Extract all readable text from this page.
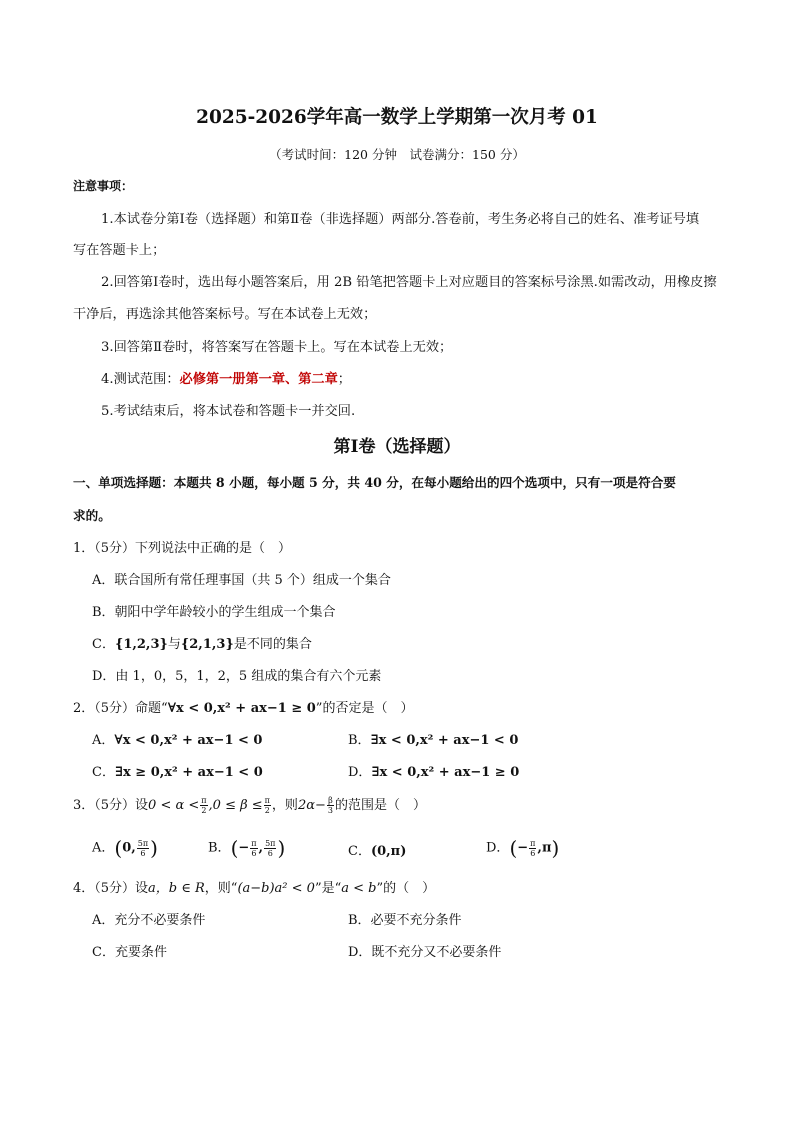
2025-2026学年高一数学上学期第一次月考 01
（考试时间：120 分钟　试卷满分：150 分）
注意事项：
1.本试卷分第Ⅰ卷（选择题）和第Ⅱ卷（非选择题）两部分.答卷前，考生务必将自己的姓名、准考证号填
写在答题卡上；
2.回答第Ⅰ卷时，选出每小题答案后，用 2B 铅笔把答题卡上对应题目的答案标号涂黑.如需改动，用橡皮擦
干净后，再选涂其他答案标号。写在本试卷上无效；
3.回答第Ⅱ卷时，将答案写在答题卡上。写在本试卷上无效；
4.测试范围：必修第一册第一章、第二章；
5.考试结束后，将本试卷和答题卡一并交回.
第Ⅰ卷（选择题）
一、单项选择题：本题共 8 小题，每小题 5 分，共 40 分，在每小题给出的四个选项中，只有一项是符合要
求的。
1．（5分）下列说法中正确的是（　）
A．联合国所有常任理事国（共 5 个）组成一个集合
B．朝阳中学年龄较小的学生组成一个集合
C．{1,2,3}与{2,1,3}是不同的集合
D．由 1，0，5，1，2，5 组成的集合有六个元素
2．（5分）命题“∀x < 0,x² + ax−1 ≥ 0”的否定是（　）
A．∀x < 0,x² + ax−1 < 0	B．∃x < 0,x² + ax−1 < 0
C．∃x ≥ 0,x² + ax−1 < 0	D．∃x < 0,x² + ax−1 ≥ 0
3．（5分）设$0 < \alpha < \frac{\pi}{2} ,0 \le \beta \le \frac{\pi}{2}$ ，则$2\alpha- \frac{\beta}{3}$ 的范围是（　）
A．(0, $\frac{5\pi}{6}$ )	B．(− $\frac{\pi}{6}$ , $\frac{5\pi}{6}$ )	C．(0,π)	D．(− $\frac{\pi}{6} ,\pi$)
4．（5分）设a，b ∈ R，则“(a−b)a² < 0”是“a < b”的（　）
A．充分不必要条件	B．必要不充分条件
C．充要条件	D．既不充分又不必要条件
